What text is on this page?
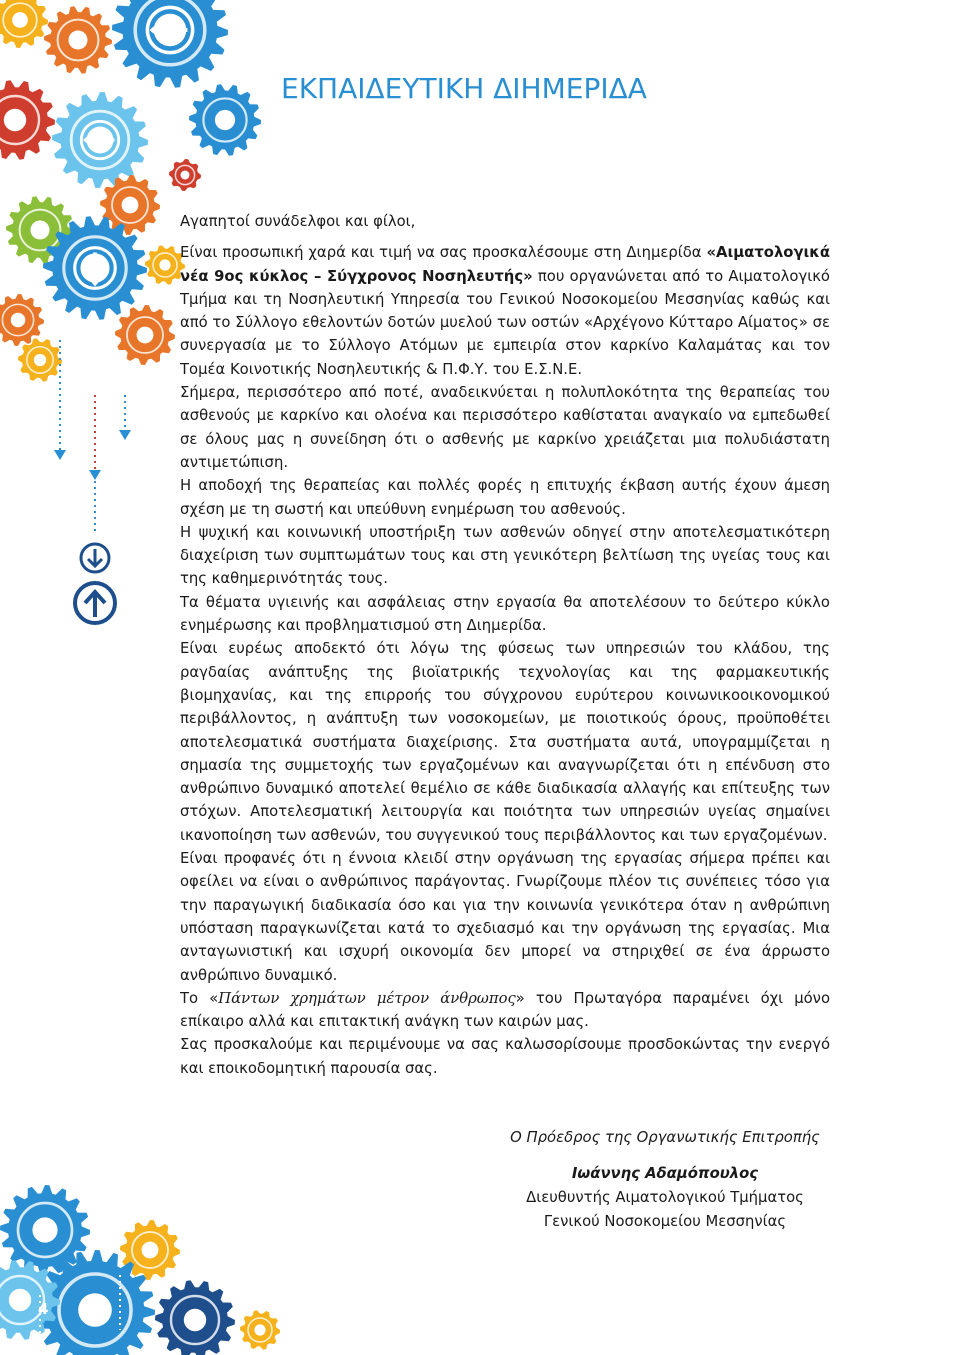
ΕΚΠΑΙΔΕΥΤΙΚΗ ΔΙΗΜΕΡΙΔΑ

Αγαπητοί συνάδελφοι και φίλοι,

Είναι προσωπική χαρά και τιμή να σας προσκαλέσουμε στη Διημερίδα «Αιματολογικά νέα 9ος κύκλος – Σύγχρονος Νοσηλευτής» που οργανώνεται από το Αιματολογικό Τμήμα και τη Νοσηλευτική Υπηρεσία του Γενικού Νοσοκομείου Μεσσηνίας καθώς και από το Σύλλογο εθελοντών δοτών μυελού των οστών «Αρχέγονο Κύτταρο Αίματος» σε συνεργασία με το Σύλλογο Ατόμων με εμπειρία στον καρκίνο Καλαμάτας και τον Τομέα Κοινοτικής Νοσηλευτικής & Π.Φ.Υ. του Ε.Σ.Ν.Ε.

Σήμερα, περισσότερο από ποτέ, αναδεικνύεται η πολυπλοκότητα της θεραπείας του ασθενούς με καρκίνο και ολοένα και περισσότερο καθίσταται αναγκαίο να εμπεδωθεί σε όλους μας η συνείδηση ότι ο ασθενής με καρκίνο χρειάζεται μια πολυδιάστατη αντιμετώπιση.

Η αποδοχή της θεραπείας και πολλές φορές η επιτυχής έκβαση αυτής έχουν άμεση σχέση με τη σωστή και υπεύθυνη ενημέρωση του ασθενούς.

Η ψυχική και κοινωνική υποστήριξη των ασθενών οδηγεί στην αποτελεσματικότερη διαχείριση των συμπτωμάτων τους και στη γενικότερη βελτίωση της υγείας τους και της καθημερινότητάς τους.

Τα θέματα υγιεινής και ασφάλειας στην εργασία θα αποτελέσουν το δεύτερο κύκλο ενημέρωσης και προβληματισμού στη Διημερίδα.

Είναι ευρέως αποδεκτό ότι λόγω της φύσεως των υπηρεσιών του κλάδου, της ραγδαίας ανάπτυξης της βιοϊατρικής τεχνολογίας και της φαρμακευτικής βιομηχανίας, και της επιρροής του σύγχρονου ευρύτερου κοινωνικοοικονομικού περιβάλλοντος, η ανάπτυξη των νοσοκομείων, με ποιοτικούς όρους, προϋποθέτει αποτελεσματικά συστήματα διαχείρισης. Στα συστήματα αυτά, υπογραμμίζεται η σημασία της συμμετοχής των εργαζομένων και αναγνωρίζεται ότι η επένδυση στο ανθρώπινο δυναμικό αποτελεί θεμέλιο σε κάθε διαδικασία αλλαγής και επίτευξης των στόχων. Αποτελεσματική λειτουργία και ποιότητα των υπηρεσιών υγείας σημαίνει ικανοποίηση των ασθενών, του συγγενικού τους περιβάλλοντος και των εργαζομένων.

Είναι προφανές ότι η έννοια κλειδί στην οργάνωση της εργασίας σήμερα πρέπει και οφείλει να είναι ο ανθρώπινος παράγοντας. Γνωρίζουμε πλέον τις συνέπειες τόσο για την παραγωγική διαδικασία όσο και για την κοινωνία γενικότερα όταν η ανθρώπινη υπόσταση παραγκωνίζεται κατά το σχεδιασμό και την οργάνωση της εργασίας. Μια ανταγωνιστική και ισχυρή οικονομία δεν μπορεί να στηριχθεί σε ένα άρρωστο ανθρώπινο δυναμικό.

Το «Πάντων χρημάτων μέτρον άνθρωπος» του Πρωταγόρα παραμένει όχι μόνο επίκαιρο αλλά και επιτακτική ανάγκη των καιρών μας.

Σας προσκαλούμε και περιμένουμε να σας καλωσορίσουμε προσδοκώντας την ενεργό και εποικοδομητική παρουσία σας.

Ο Πρόεδρος της Οργανωτικής Επιτροπής

Ιωάννης Αδαμόπουλος

Διευθυντής Αιματολογικού Τμήματος

Γενικού Νοσοκομείου Μεσσηνίας

4
